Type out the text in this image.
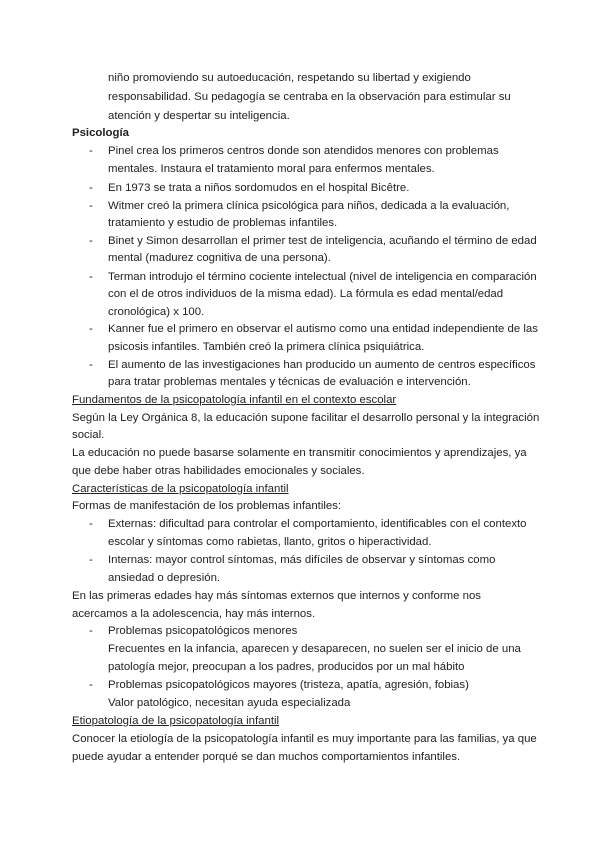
niño promoviendo su autoeducación, respetando su libertad y exigiendo
responsabilidad. Su pedagogía se centraba en la observación para estimular su
atención y despertar su inteligencia.
Psicología
- Pinel crea los primeros centros donde son atendidos menores con problemas
mentales. Instaura el tratamiento moral para enfermos mentales.
- En 1973 se trata a niños sordomudos en el hospital Bicêtre.
- Witmer creó la primera clínica psicológica para niños, dedicada a la evaluación,
tratamiento y estudio de problemas infantiles.
- Binet y Simon desarrollan el primer test de inteligencia, acuñando el término de edad
mental (madurez cognitiva de una persona).
- Terman introdujo el término cociente intelectual (nivel de inteligencia en comparación
con el de otros individuos de la misma edad). La fórmula es edad mental/edad
cronológica) x 100.
- Kanner fue el primero en observar el autismo como una entidad independiente de las
psicosis infantiles. También creó la primera clínica psiquiátrica.
- El aumento de las investigaciones han producido un aumento de centros específicos
para tratar problemas mentales y técnicas de evaluación e intervención.
Fundamentos de la psicopatología infantil en el contexto escolar
Según la Ley Orgánica 8, la educación supone facilitar el desarrollo personal y la integración
social.
La educación no puede basarse solamente en transmitir conocimientos y aprendizajes, ya
que debe haber otras habilidades emocionales y sociales.
Características de la psicopatología infantil
Formas de manifestación de los problemas infantiles:
- Externas: dificultad para controlar el comportamiento, identificables con el contexto
escolar y síntomas como rabietas, llanto, gritos o hiperactividad.
- Internas: mayor control síntomas, más difíciles de observar y síntomas como
ansiedad o depresión.
En las primeras edades hay más síntomas externos que internos y conforme nos
acercamos a la adolescencia, hay más internos.
- Problemas psicopatológicos menores
Frecuentes en la infancia, aparecen y desaparecen, no suelen ser el inicio de una
patología mejor, preocupan a los padres, producidos por un mal hábito
- Problemas psicopatológicos mayores (tristeza, apatía, agresión, fobias)
Valor patológico, necesitan ayuda especializada
Etiopatología de la psicopatología infantil
Conocer la etiología de la psicopatología infantil es muy importante para las familias, ya que
puede ayudar a entender porqué se dan muchos comportamientos infantiles.
